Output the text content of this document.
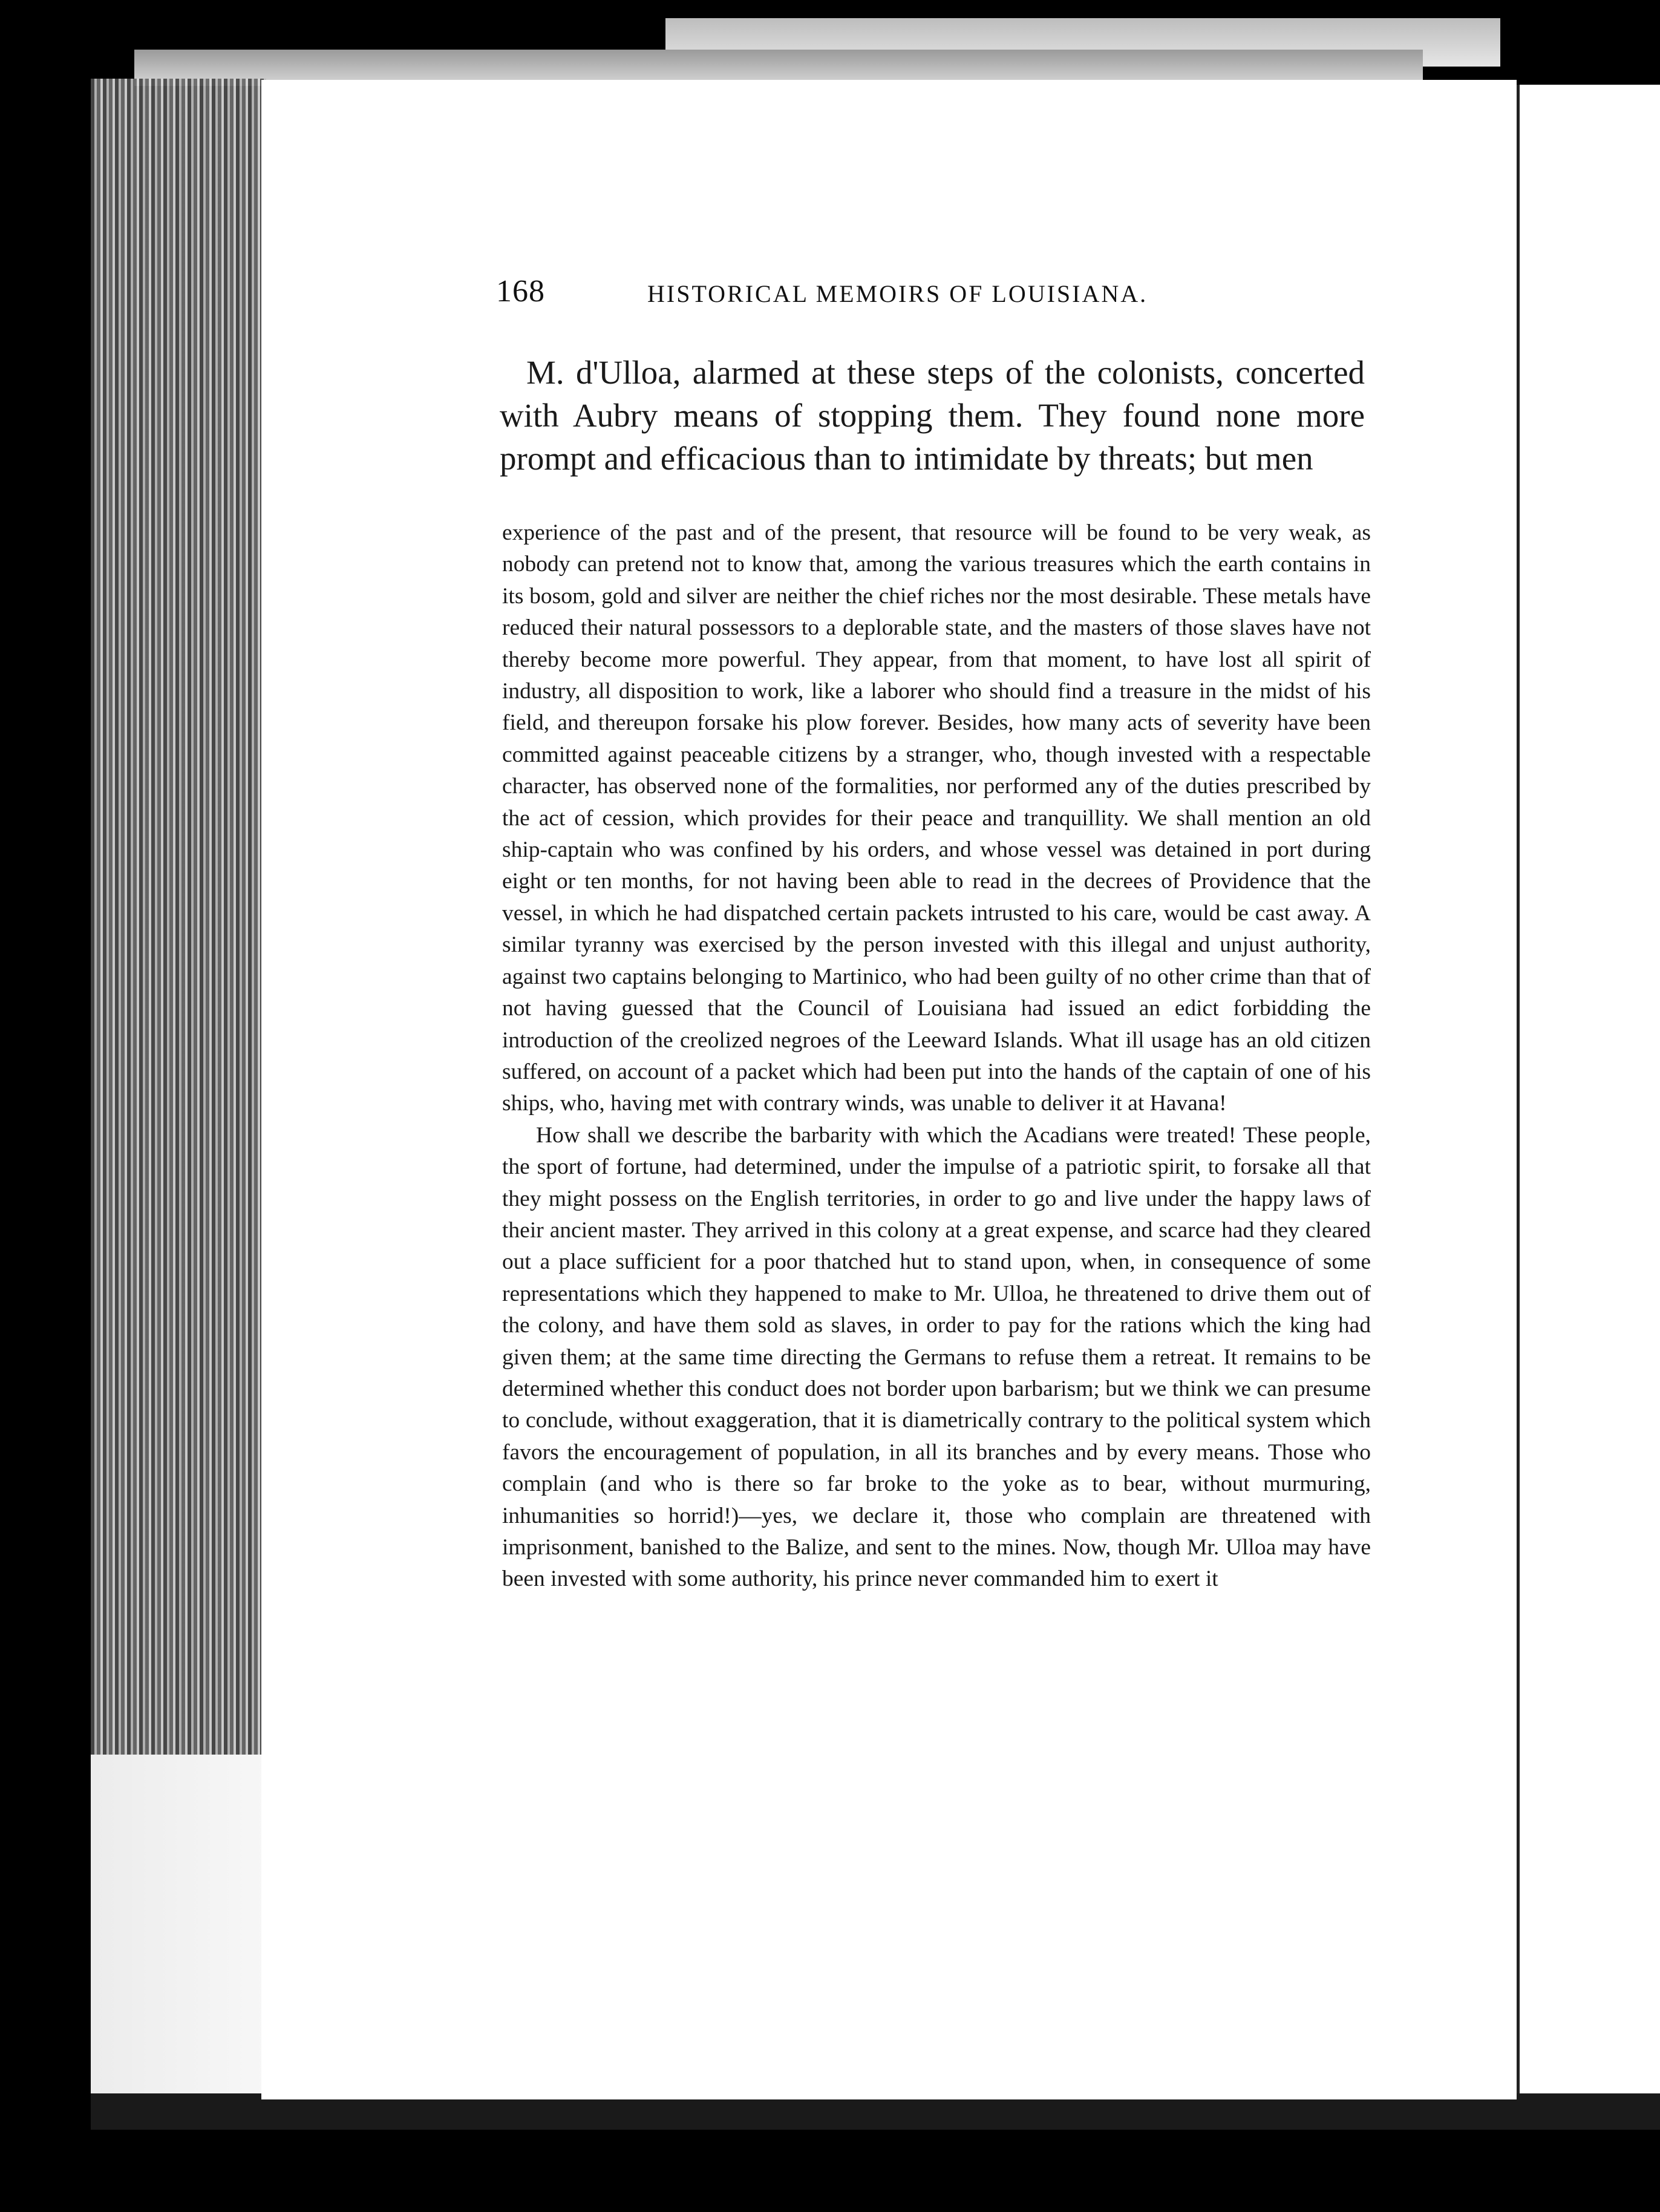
168	HISTORICAL MEMOIRS OF LOUISIANA.

M. d'Ulloa, alarmed at these steps of the colonists, concerted with Aubry means of stopping them. They found none more prompt and efficacious than to intimidate by threats; but men

experience of the past and of the present, that resource will be found to be very weak, as nobody can pretend not to know that, among the various treasures which the earth contains in its bosom, gold and silver are neither the chief riches nor the most desirable. These metals have reduced their natural possessors to a deplorable state, and the masters of those slaves have not thereby become more powerful. They appear, from that moment, to have lost all spirit of industry, all disposition to work, like a laborer who should find a treasure in the midst of his field, and thereupon forsake his plow forever. Besides, how many acts of severity have been committed against peaceable citizens by a stranger, who, though invested with a respectable character, has observed none of the formalities, nor performed any of the duties prescribed by the act of cession, which provides for their peace and tranquillity. We shall mention an old ship-captain who was confined by his orders, and whose vessel was detained in port during eight or ten months, for not having been able to read in the decrees of Providence that the vessel, in which he had dispatched certain packets intrusted to his care, would be cast away. A similar tyranny was exercised by the person invested with this illegal and unjust authority, against two captains belonging to Martinico, who had been guilty of no other crime than that of not having guessed that the Council of Louisiana had issued an edict forbidding the introduction of the creolized negroes of the Leeward Islands. What ill usage has an old citizen suffered, on account of a packet which had been put into the hands of the captain of one of his ships, who, having met with contrary winds, was unable to deliver it at Havana!

How shall we describe the barbarity with which the Acadians were treated! These people, the sport of fortune, had determined, under the impulse of a patriotic spirit, to forsake all that they might possess on the English territories, in order to go and live under the happy laws of their ancient master. They arrived in this colony at a great expense, and scarce had they cleared out a place sufficient for a poor thatched hut to stand upon, when, in consequence of some representations which they happened to make to Mr. Ulloa, he threatened to drive them out of the colony, and have them sold as slaves, in order to pay for the rations which the king had given them; at the same time directing the Germans to refuse them a retreat. It remains to be determined whether this conduct does not border upon barbarism; but we think we can presume to conclude, without exaggeration, that it is diametrically contrary to the political system which favors the encouragement of population, in all its branches and by every means. Those who complain (and who is there so far broke to the yoke as to bear, without murmuring, inhumanities so horrid!)—yes, we declare it, those who complain are threatened with imprisonment, banished to the Balize, and sent to the mines. Now, though Mr. Ulloa may have been invested with some authority, his prince never commanded him to exert it
